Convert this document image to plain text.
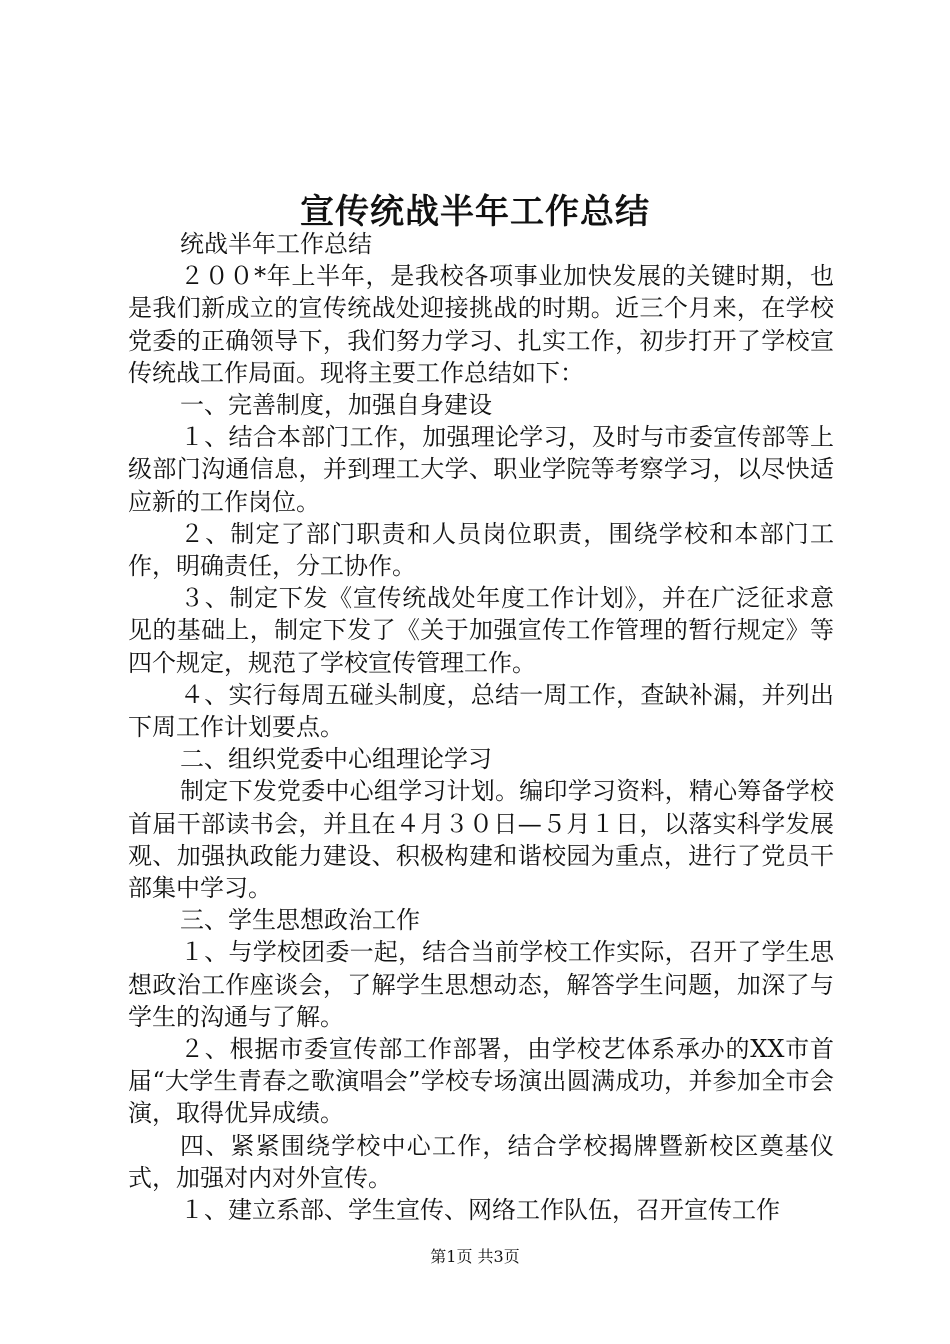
宣传统战半年工作总结

统战半年工作总结

２００*年上半年，是我校各项事业加快发展的关键时期，也是我们新成立的宣传统战处迎接挑战的时期。近三个月来，在学校党委的正确领导下，我们努力学习、扎实工作，初步打开了学校宣传统战工作局面。现将主要工作总结如下：

一、完善制度，加强自身建设

１、结合本部门工作，加强理论学习，及时与市委宣传部等上级部门沟通信息，并到理工大学、职业学院等考察学习，以尽快适应新的工作岗位。

２、制定了部门职责和人员岗位职责，围绕学校和本部门工作，明确责任，分工协作。

３、制定下发《宣传统战处年度工作计划》，并在广泛征求意见的基础上，制定下发了《关于加强宣传工作管理的暂行规定》等四个规定，规范了学校宣传管理工作。

４、实行每周五碰头制度，总结一周工作，查缺补漏，并列出下周工作计划要点。

二、组织党委中心组理论学习

制定下发党委中心组学习计划。编印学习资料，精心筹备学校首届干部读书会，并且在４月３０日—５月１日，以落实科学发展观、加强执政能力建设、积极构建和谐校园为重点，进行了党员干部集中学习。

三、学生思想政治工作

１、与学校团委一起，结合当前学校工作实际，召开了学生思想政治工作座谈会，了解学生思想动态，解答学生问题，加深了与学生的沟通与了解。

２、根据市委宣传部工作部署，由学校艺体系承办的XX市首届“大学生青春之歌演唱会”学校专场演出圆满成功，并参加全市会演，取得优异成绩。

四、紧紧围绕学校中心工作，结合学校揭牌暨新校区奠基仪式，加强对内对外宣传。

１、建立系部、学生宣传、网络工作队伍，召开宣传工作

第1页 共3页
